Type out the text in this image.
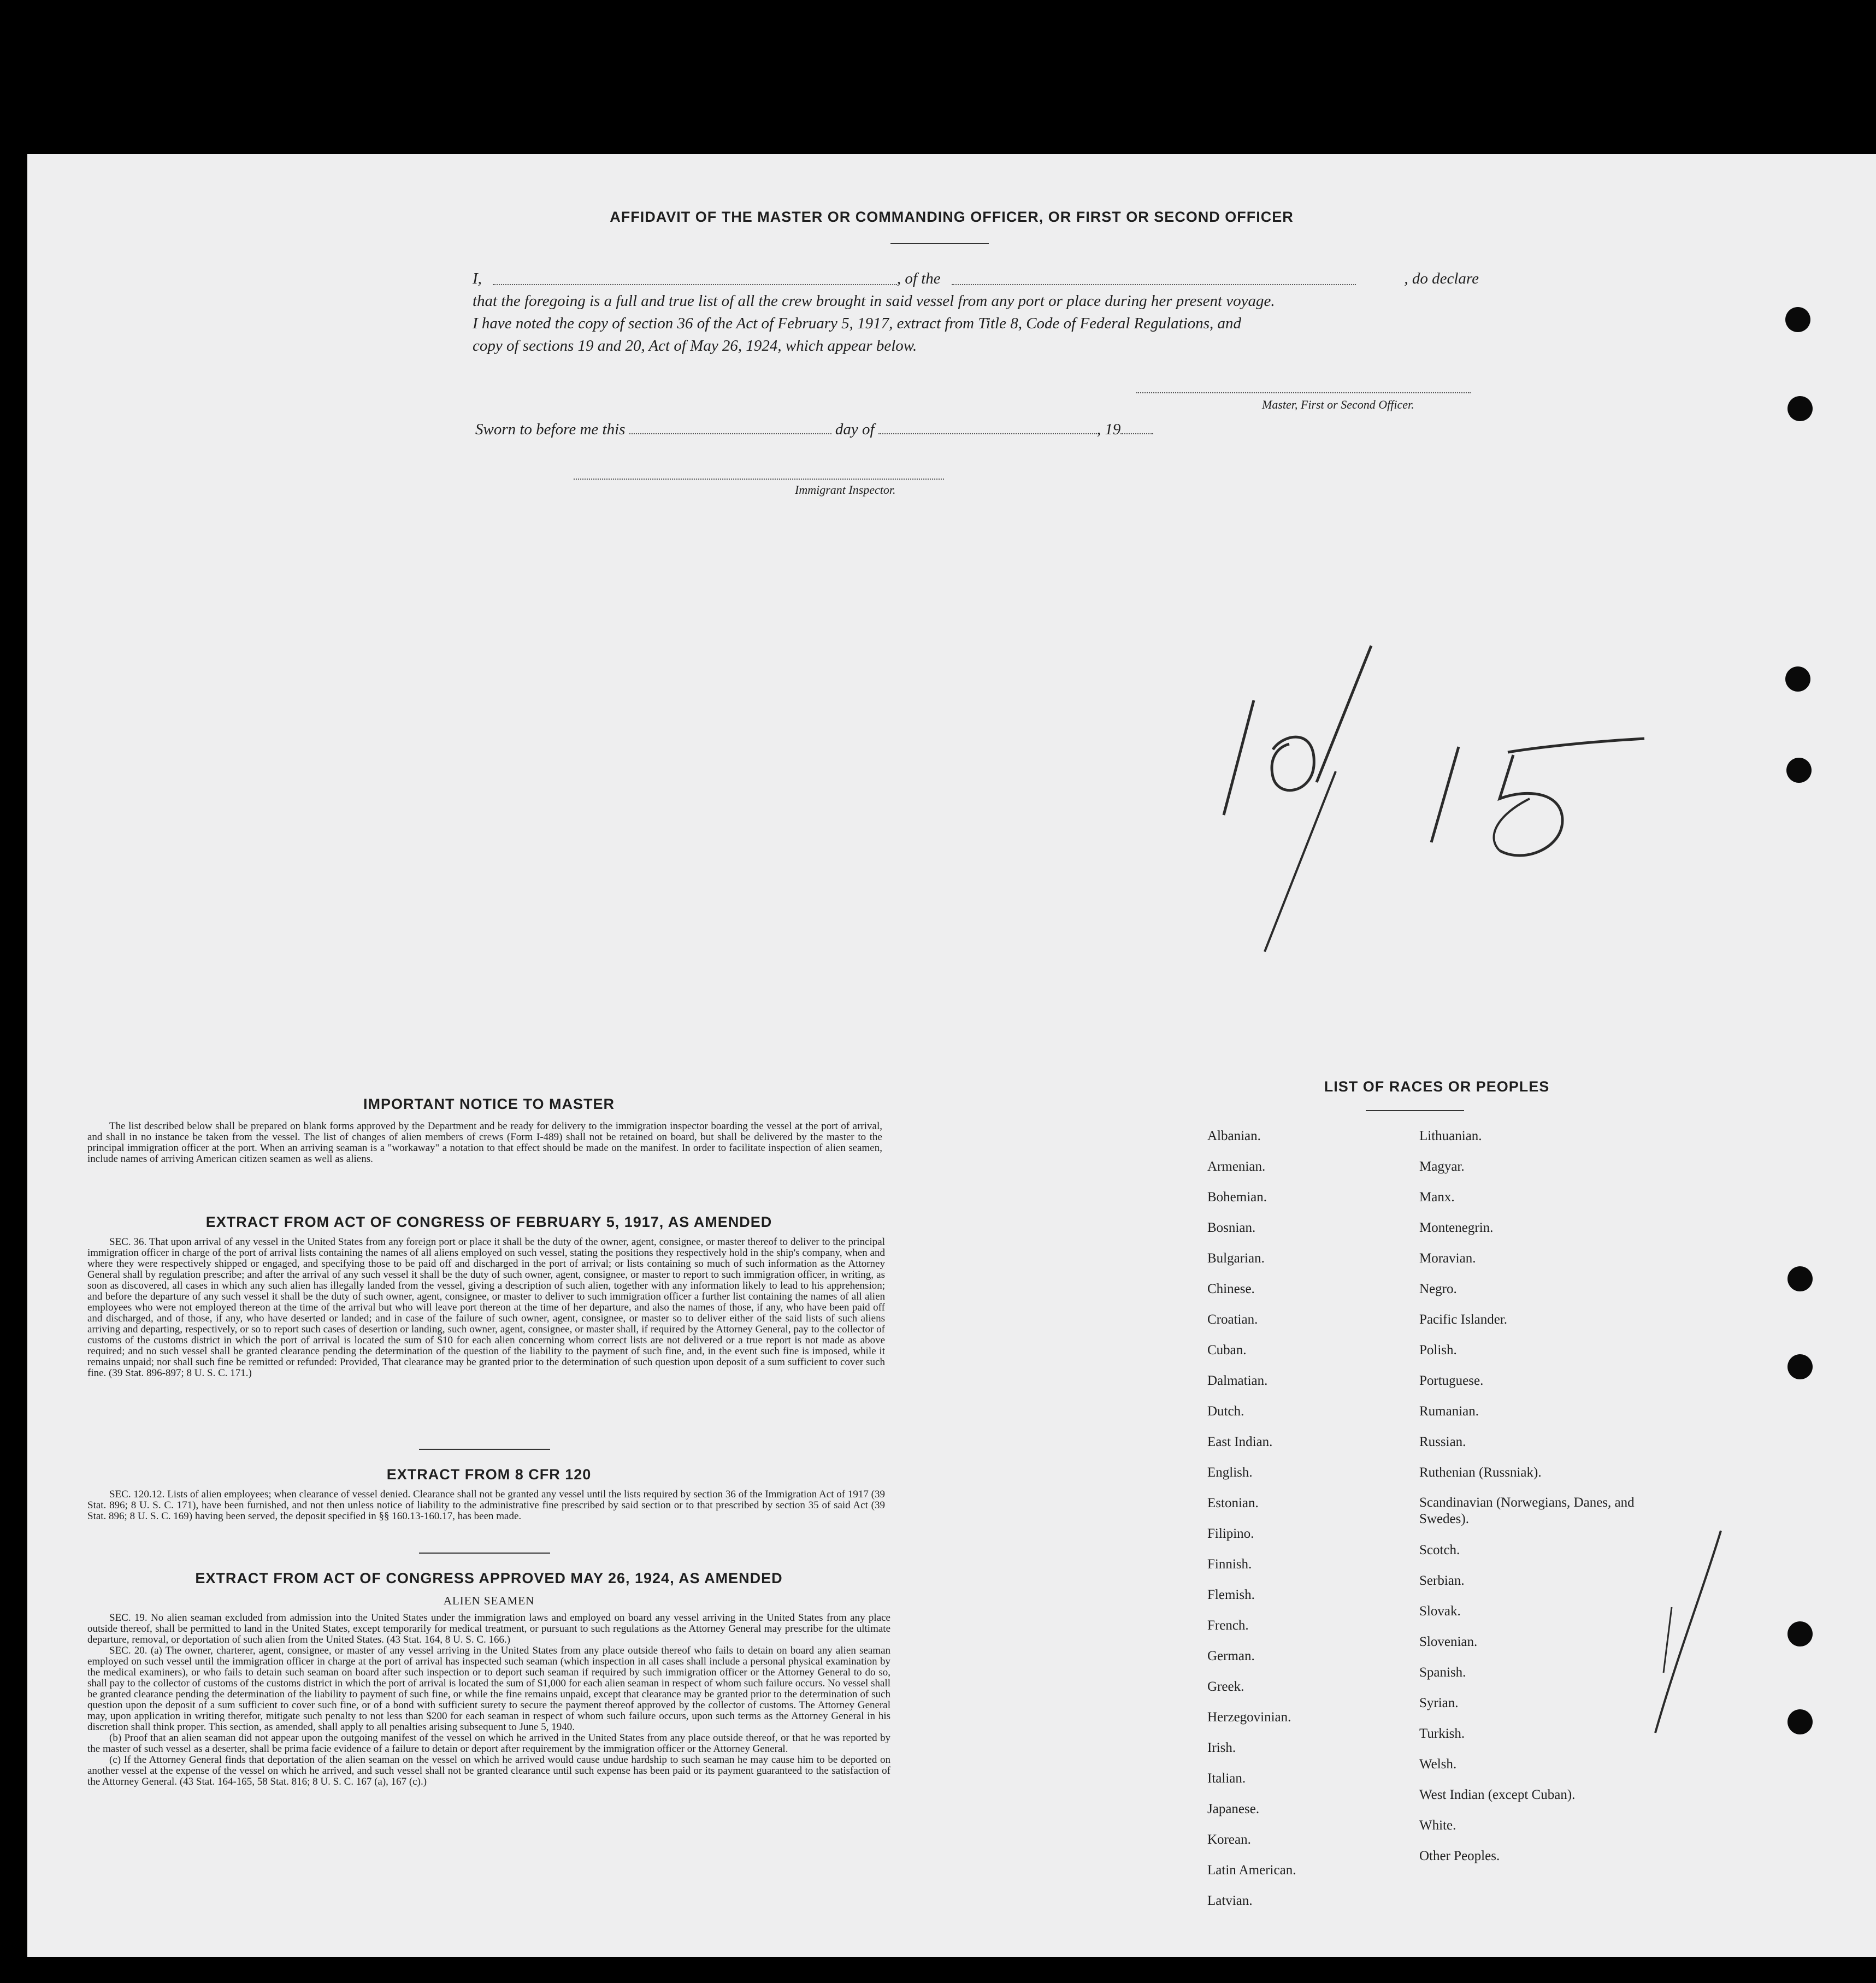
AFFIDAVIT OF THE MASTER OR COMMANDING OFFICER, OR FIRST OR SECOND OFFICER
I,	, of the	, do declare
that the foregoing is a full and true list of all the crew brought in said vessel from any port or place during her present voyage.
I have noted the copy of section 36 of the Act of February 5, 1917, extract from Title 8, Code of Federal Regulations, and
copy of sections 19 and 20, Act of May 26, 1924, which appear below.
Master, First or Second Officer.
Sworn to before me this	day of	, 19
Immigrant Inspector.
IMPORTANT NOTICE TO MASTER
The list described below shall be prepared on blank forms approved by the Department and be ready for delivery to the immigration inspector boarding the vessel at the port of arrival, and shall in no instance be taken from the vessel. The list of changes of alien members of crews (Form I-489) shall not be retained on board, but shall be delivered by the master to the principal immigration officer at the port. When an arriving seaman is a "workaway" a notation to that effect should be made on the manifest. In order to facilitate inspection of alien seamen, include names of arriving American citizen seamen as well as aliens.
EXTRACT FROM ACT OF CONGRESS OF FEBRUARY 5, 1917, AS AMENDED
SEC. 36. That upon arrival of any vessel in the United States from any foreign port or place it shall be the duty of the owner, agent, consignee, or master thereof to deliver to the principal immigration officer in charge of the port of arrival lists containing the names of all aliens employed on such vessel, stating the positions they respectively hold in the ship's company, when and where they were respectively shipped or engaged, and specifying those to be paid off and discharged in the port of arrival; or lists containing so much of such information as the Attorney General shall by regulation prescribe; and after the arrival of any such vessel it shall be the duty of such owner, agent, consignee, or master to report to such immigration officer, in writing, as soon as discovered, all cases in which any such alien has illegally landed from the vessel, giving a description of such alien, together with any information likely to lead to his apprehension; and before the departure of any such vessel it shall be the duty of such owner, agent, consignee, or master to deliver to such immigration officer a further list containing the names of all alien employees who were not employed thereon at the time of the arrival but who will leave port thereon at the time of her departure, and also the names of those, if any, who have been paid off and discharged, and of those, if any, who have deserted or landed; and in case of the failure of such owner, agent, consignee, or master so to deliver either of the said lists of such aliens arriving and departing, respectively, or so to report such cases of desertion or landing, such owner, agent, consignee, or master shall, if required by the Attorney General, pay to the collector of customs of the customs district in which the port of arrival is located the sum of $10 for each alien concerning whom correct lists are not delivered or a true report is not made as above required; and no such vessel shall be granted clearance pending the determination of the question of the liability to the payment of such fine, and, in the event such fine is imposed, while it remains unpaid; nor shall such fine be remitted or refunded: Provided, That clearance may be granted prior to the determination of such question upon deposit of a sum sufficient to cover such fine. (39 Stat. 896-897; 8 U. S. C. 171.)
EXTRACT FROM 8 CFR 120
SEC. 120.12. Lists of alien employees; when clearance of vessel denied. Clearance shall not be granted any vessel until the lists required by section 36 of the Immigration Act of 1917 (39 Stat. 896; 8 U. S. C. 171), have been furnished, and not then unless notice of liability to the administrative fine prescribed by said section or to that prescribed by section 35 of said Act (39 Stat. 896; 8 U. S. C. 169) having been served, the deposit specified in §§ 160.13-160.17, has been made.
EXTRACT FROM ACT OF CONGRESS APPROVED MAY 26, 1924, AS AMENDED
ALIEN SEAMEN
SEC. 19. No alien seaman excluded from admission into the United States under the immigration laws and employed on board any vessel arriving in the United States from any place outside thereof, shall be permitted to land in the United States, except temporarily for medical treatment, or pursuant to such regulations as the Attorney General may prescribe for the ultimate departure, removal, or deportation of such alien from the United States. (43 Stat. 164, 8 U. S. C. 166.)
SEC. 20. (a) The owner, charterer, agent, consignee, or master of any vessel arriving in the United States from any place outside thereof who fails to detain on board any alien seaman employed on such vessel until the immigration officer in charge at the port of arrival has inspected such seaman (which inspection in all cases shall include a personal physical examination by the medical examiners), or who fails to detain such seaman on board after such inspection or to deport such seaman if required by such immigration officer or the Attorney General to do so, shall pay to the collector of customs of the customs district in which the port of arrival is located the sum of $1,000 for each alien seaman in respect of whom such failure occurs. No vessel shall be granted clearance pending the determination of the liability to payment of such fine, or while the fine remains unpaid, except that clearance may be granted prior to the determination of such question upon the deposit of a sum sufficient to cover such fine, or of a bond with sufficient surety to secure the payment thereof approved by the collector of customs. The Attorney General may, upon application in writing therefor, mitigate such penalty to not less than $200 for each seaman in respect of whom such failure occurs, upon such terms as the Attorney General in his discretion shall think proper. This section, as amended, shall apply to all penalties arising subsequent to June 5, 1940.
(b) Proof that an alien seaman did not appear upon the outgoing manifest of the vessel on which he arrived in the United States from any place outside thereof, or that he was reported by the master of such vessel as a deserter, shall be prima facie evidence of a failure to detain or deport after requirement by the immigration officer or the Attorney General.
(c) If the Attorney General finds that deportation of the alien seaman on the vessel on which he arrived would cause undue hardship to such seaman he may cause him to be deported on another vessel at the expense of the vessel on which he arrived, and such vessel shall not be granted clearance until such expense has been paid or its payment guaranteed to the satisfaction of the Attorney General. (43 Stat. 164-165, 58 Stat. 816; 8 U. S. C. 167 (a), 167 (c).)
LIST OF RACES OR PEOPLES
Albanian.
Armenian.
Bohemian.
Bosnian.
Bulgarian.
Chinese.
Croatian.
Cuban.
Dalmatian.
Dutch.
East Indian.
English.
Estonian.
Filipino.
Finnish.
Flemish.
French.
German.
Greek.
Herzegovinian.
Irish.
Italian.
Japanese.
Korean.
Latin American.
Latvian.
Lithuanian.
Magyar.
Manx.
Montenegrin.
Moravian.
Negro.
Pacific Islander.
Polish.
Portuguese.
Rumanian.
Russian.
Ruthenian (Russniak).
Scandinavian (Norwegians, Danes, and Swedes).
Scotch.
Serbian.
Slovak.
Slovenian.
Spanish.
Syrian.
Turkish.
Welsh.
West Indian (except Cuban).
White.
Other Peoples.
